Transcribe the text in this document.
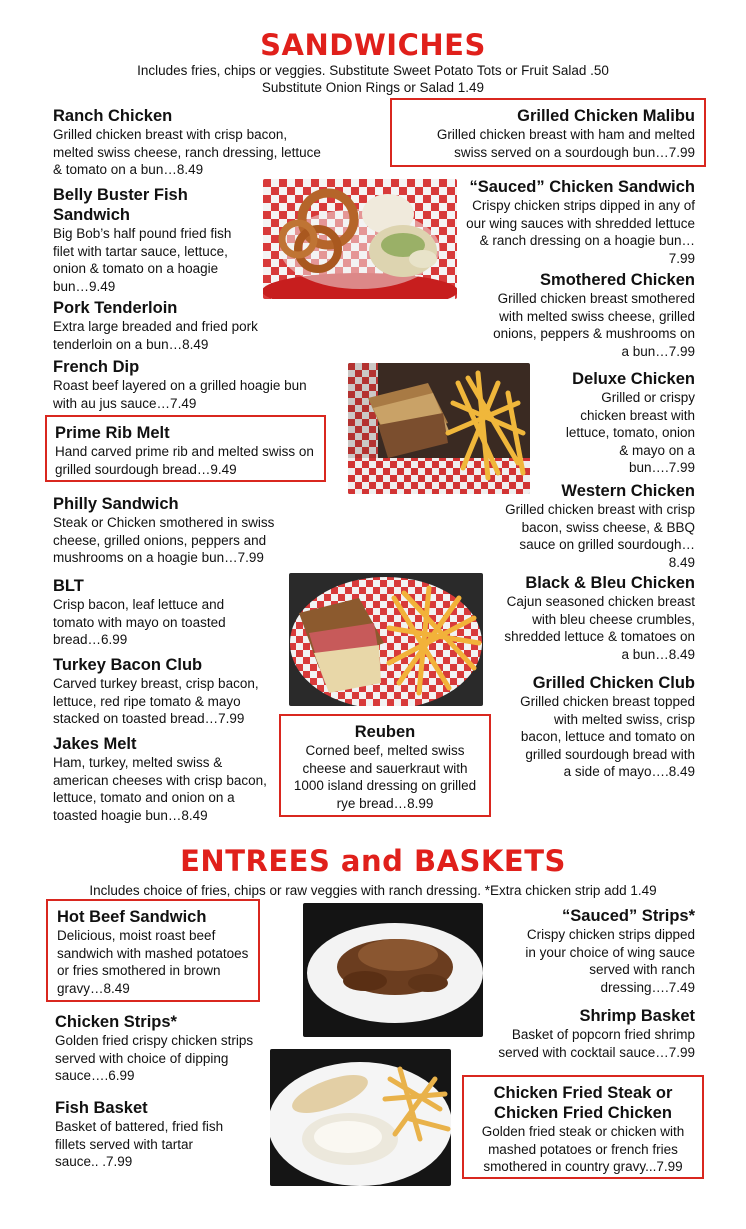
SANDWICHES
Includes fries, chips or veggies. Substitute Sweet Potato Tots or Fruit Salad .50
Substitute Onion Rings or Salad 1.49
Ranch Chicken
Grilled chicken breast with crisp bacon, melted swiss cheese, ranch dressing, lettuce & tomato on a bun…8.49
Belly Buster Fish Sandwich
Big Bob’s half pound fried fish filet with tartar sauce, lettuce, onion & tomato on a hoagie bun…9.49
Pork Tenderloin
Extra large breaded and fried pork tenderloin on a bun…8.49
French Dip
Roast beef layered on a grilled hoagie bun with au jus sauce…7.49
Prime Rib Melt
Hand carved prime rib and melted swiss on grilled sourdough bread…9.49
Philly Sandwich
Steak or Chicken smothered in swiss cheese, grilled onions, peppers and mushrooms on a hoagie bun…7.99
BLT
Crisp bacon, leaf lettuce and tomato with mayo on toasted bread…6.99
Turkey Bacon Club
Carved turkey breast, crisp bacon, lettuce, red ripe tomato & mayo stacked on toasted bread…7.99
Jakes Melt
Ham, turkey, melted swiss & american cheeses with crisp bacon, lettuce, tomato and onion on a toasted hoagie bun…8.49
Grilled Chicken Malibu
Grilled chicken breast with ham and melted swiss served on a sourdough bun…7.99
“Sauced” Chicken Sandwich
Crispy chicken strips dipped in any of our wing sauces with shredded lettuce & ranch dressing on a hoagie bun…7.99
Smothered Chicken
Grilled chicken breast smothered with melted swiss cheese, grilled onions, peppers & mushrooms on a bun…7.99
Deluxe Chicken
Grilled or crispy chicken breast with lettuce, tomato, onion & mayo on a bun….7.99
Western Chicken
Grilled chicken breast with crisp bacon, swiss cheese, & BBQ sauce on grilled sourdough…8.49
Black & Bleu Chicken
Cajun seasoned chicken breast with bleu cheese crumbles, shredded lettuce & tomatoes on a bun…8.49
Grilled Chicken Club
Grilled chicken breast topped with melted swiss, crisp bacon, lettuce and tomato on grilled sourdough bread with a side of mayo….8.49
Reuben
Corned beef, melted swiss cheese and sauerkraut with 1000 island dressing on grilled rye bread…8.99
ENTREES and BASKETS
Includes choice of fries, chips or raw veggies with ranch dressing. *Extra chicken strip add 1.49
Hot Beef Sandwich
Delicious, moist roast beef sandwich with mashed potatoes or fries smothered in brown gravy…8.49
Chicken Strips*
Golden fried crispy chicken strips served with choice of dipping sauce….6.99
Fish Basket
Basket of battered, fried fish fillets served with tartar sauce.. .7.99
“Sauced” Strips*
Crispy chicken strips dipped in your choice of wing sauce served with ranch dressing….7.49
Shrimp Basket
Basket of popcorn fried shrimp served with cocktail sauce…7.99
Chicken Fried Steak or Chicken Fried Chicken
Golden fried steak or chicken with mashed potatoes or french fries smothered in country gravy...7.99
